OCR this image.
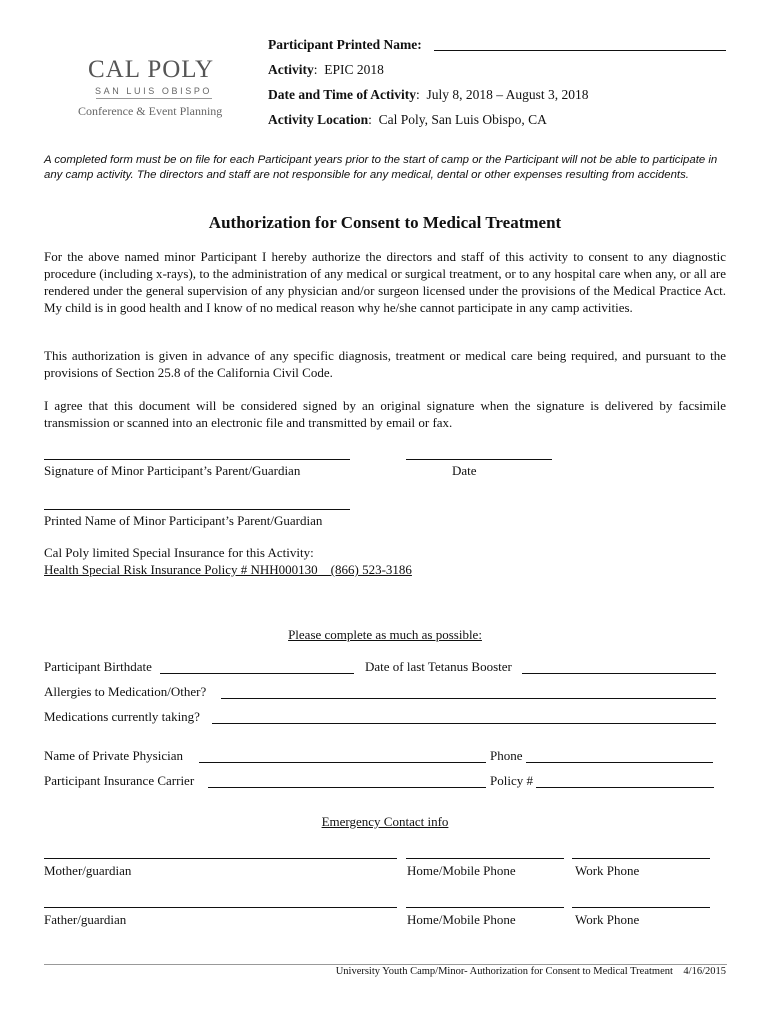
CAL POLY
SAN LUIS OBISPO
Conference & Event Planning
Participant Printed Name:
Activity:  EPIC 2018
Date and Time of Activity:  July 8, 2018 – August 3, 2018
Activity Location:  Cal Poly, San Luis Obispo, CA
A completed form must be on file for each Participant years prior to the start of camp or the Participant will not be able to participate in any camp activity. The directors and staff are not responsible for any medical, dental or other expenses resulting from accidents.
Authorization for Consent to Medical Treatment
For the above named minor Participant I hereby authorize the directors and staff of this activity to consent to any diagnostic procedure (including x-rays), to the administration of any medical or surgical treatment, or to any hospital care when any, or all are rendered under the general supervision of any physician and/or surgeon licensed under the provisions of the Medical Practice Act. My child is in good health and I know of no medical reason why he/she cannot participate in any camp activities.
This authorization is given in advance of any specific diagnosis, treatment or medical care being required, and pursuant to the provisions of Section 25.8 of the California Civil Code.
I agree that this document will be considered signed by an original signature when the signature is delivered by facsimile transmission or scanned into an electronic file and transmitted by email or fax.
Signature of Minor Participant’s Parent/Guardian	Date
Printed Name of Minor Participant’s Parent/Guardian
Cal Poly limited Special Insurance for this Activity:
Health Special Risk Insurance Policy # NHH000130    (866) 523-3186
Please complete as much as possible:
Participant Birthdate	Date of last Tetanus Booster
Allergies to Medication/Other?
Medications currently taking?
Name of Private Physician	Phone
Participant Insurance Carrier	Policy #
Emergency Contact info
Mother/guardian	Home/Mobile Phone	Work Phone
Father/guardian	Home/Mobile Phone	Work Phone
University Youth Camp/Minor- Authorization for Consent to Medical Treatment    4/16/2015
